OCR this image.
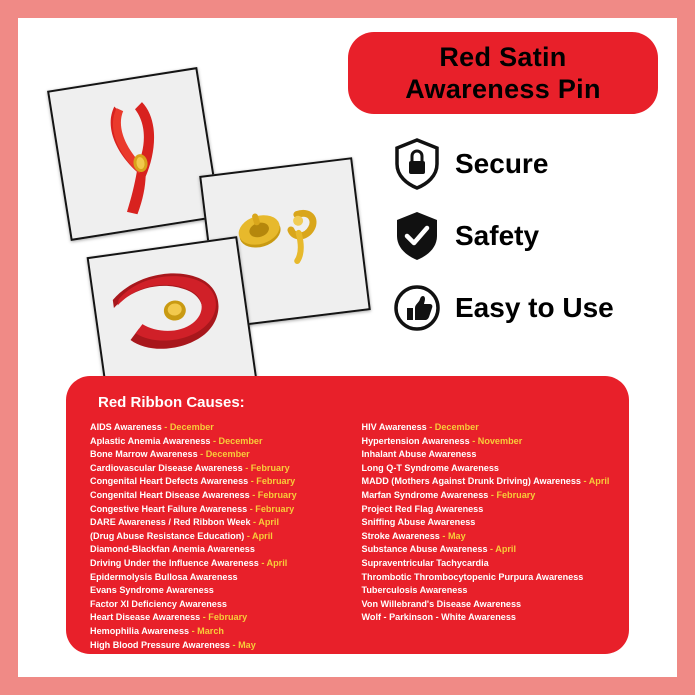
Red Satin
Awareness Pin
Secure
Safety
Easy to Use
Red Ribbon Causes:
AIDS Awareness - December
Aplastic Anemia Awareness - December
Bone Marrow Awareness - December
Cardiovascular Disease Awareness - February
Congenital Heart Defects Awareness - February
Congenital Heart Disease Awareness - February
Congestive Heart Failure Awareness - February
DARE Awareness / Red Ribbon Week - April
(Drug Abuse Resistance Education) - April
Diamond-Blackfan Anemia Awareness
Driving Under the Influence Awareness - April
Epidermolysis Bullosa Awareness
Evans Syndrome Awareness
Factor XI Deficiency Awareness
Heart Disease Awareness - February
Hemophilia Awareness - March
High Blood Pressure Awareness - May
HIV Awareness - December
Hypertension Awareness - November
Inhalant Abuse Awareness
Long Q-T Syndrome Awareness
MADD (Mothers Against Drunk Driving) Awareness - April
Marfan Syndrome Awareness - February
Project Red Flag Awareness
Sniffing Abuse Awareness
Stroke Awareness - May
Substance Abuse Awareness - April
Supraventricular Tachycardia
Thrombotic Thrombocytopenic Purpura Awareness
Tuberculosis Awareness
Von Willebrand's Disease Awareness
Wolf - Parkinson - White Awareness
